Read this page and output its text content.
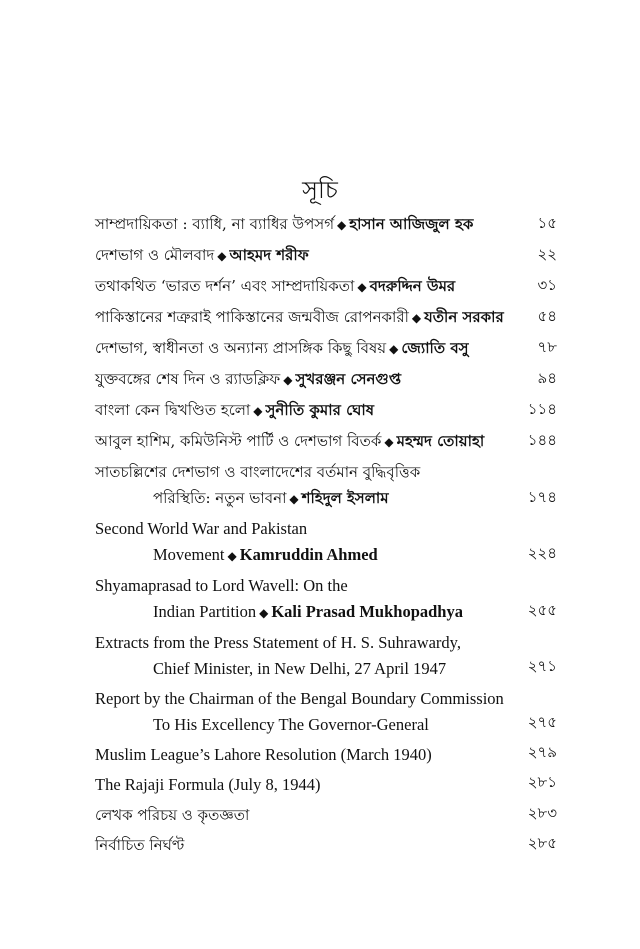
সূচি
সাম্প্রদায়িকতা : ব্যাধি, না ব্যাধির উপসর্গ ◆ হাসান আজিজুল হক	১৫
দেশভাগ ও মৌলবাদ ◆ আহমদ শরীফ	২২
তথাকথিত ‘ভারত দর্শন’ এবং সাম্প্রদায়িকতা ◆ বদরুদ্দিন উমর	৩১
পাকিস্তানের শত্রুরাই পাকিস্তানের জন্মবীজ রোপনকারী ◆ যতীন সরকার	৫৪
দেশভাগ, স্বাধীনতা ও অন্যান্য প্রাসঙ্গিক কিছু বিষয় ◆ জ্যোতি বসু	৭৮
যুক্তবঙ্গের শেষ দিন ও র‍্যাডক্লিফ ◆ সুখরঞ্জন সেনগুপ্ত	৯৪
বাংলা কেন দ্বিখণ্ডিত হলো ◆ সুনীতি কুমার ঘোষ	১১৪
আবুল হাশিম, কমিউনিস্ট পার্টি ও দেশভাগ বিতর্ক ◆ মহম্মদ তোয়াহা	১৪৪
সাতচল্লিশের দেশভাগ ও বাংলাদেশের বর্তমান বুদ্ধিবৃত্তিক
পরিস্থিতি: নতুন ভাবনা ◆ শহিদুল ইসলাম	১৭৪
Second World War and Pakistan
Movement ◆ Kamruddin Ahmed	২২৪
Shyamaprasad to Lord Wavell: On the
Indian Partition ◆ Kali Prasad Mukhopadhya	২৫৫
Extracts from the Press Statement of H. S. Suhrawardy,
Chief Minister, in New Delhi, 27 April 1947	২৭১
Report by the Chairman of the Bengal Boundary Commission
To His Excellency The Governor-General	২৭৫
Muslim League’s Lahore Resolution (March 1940)	২৭৯
The Rajaji Formula (July 8, 1944)	২৮১
লেখক পরিচয় ও কৃতজ্ঞতা	২৮৩
নির্বাচিত নির্ঘণ্ট	২৮৫
